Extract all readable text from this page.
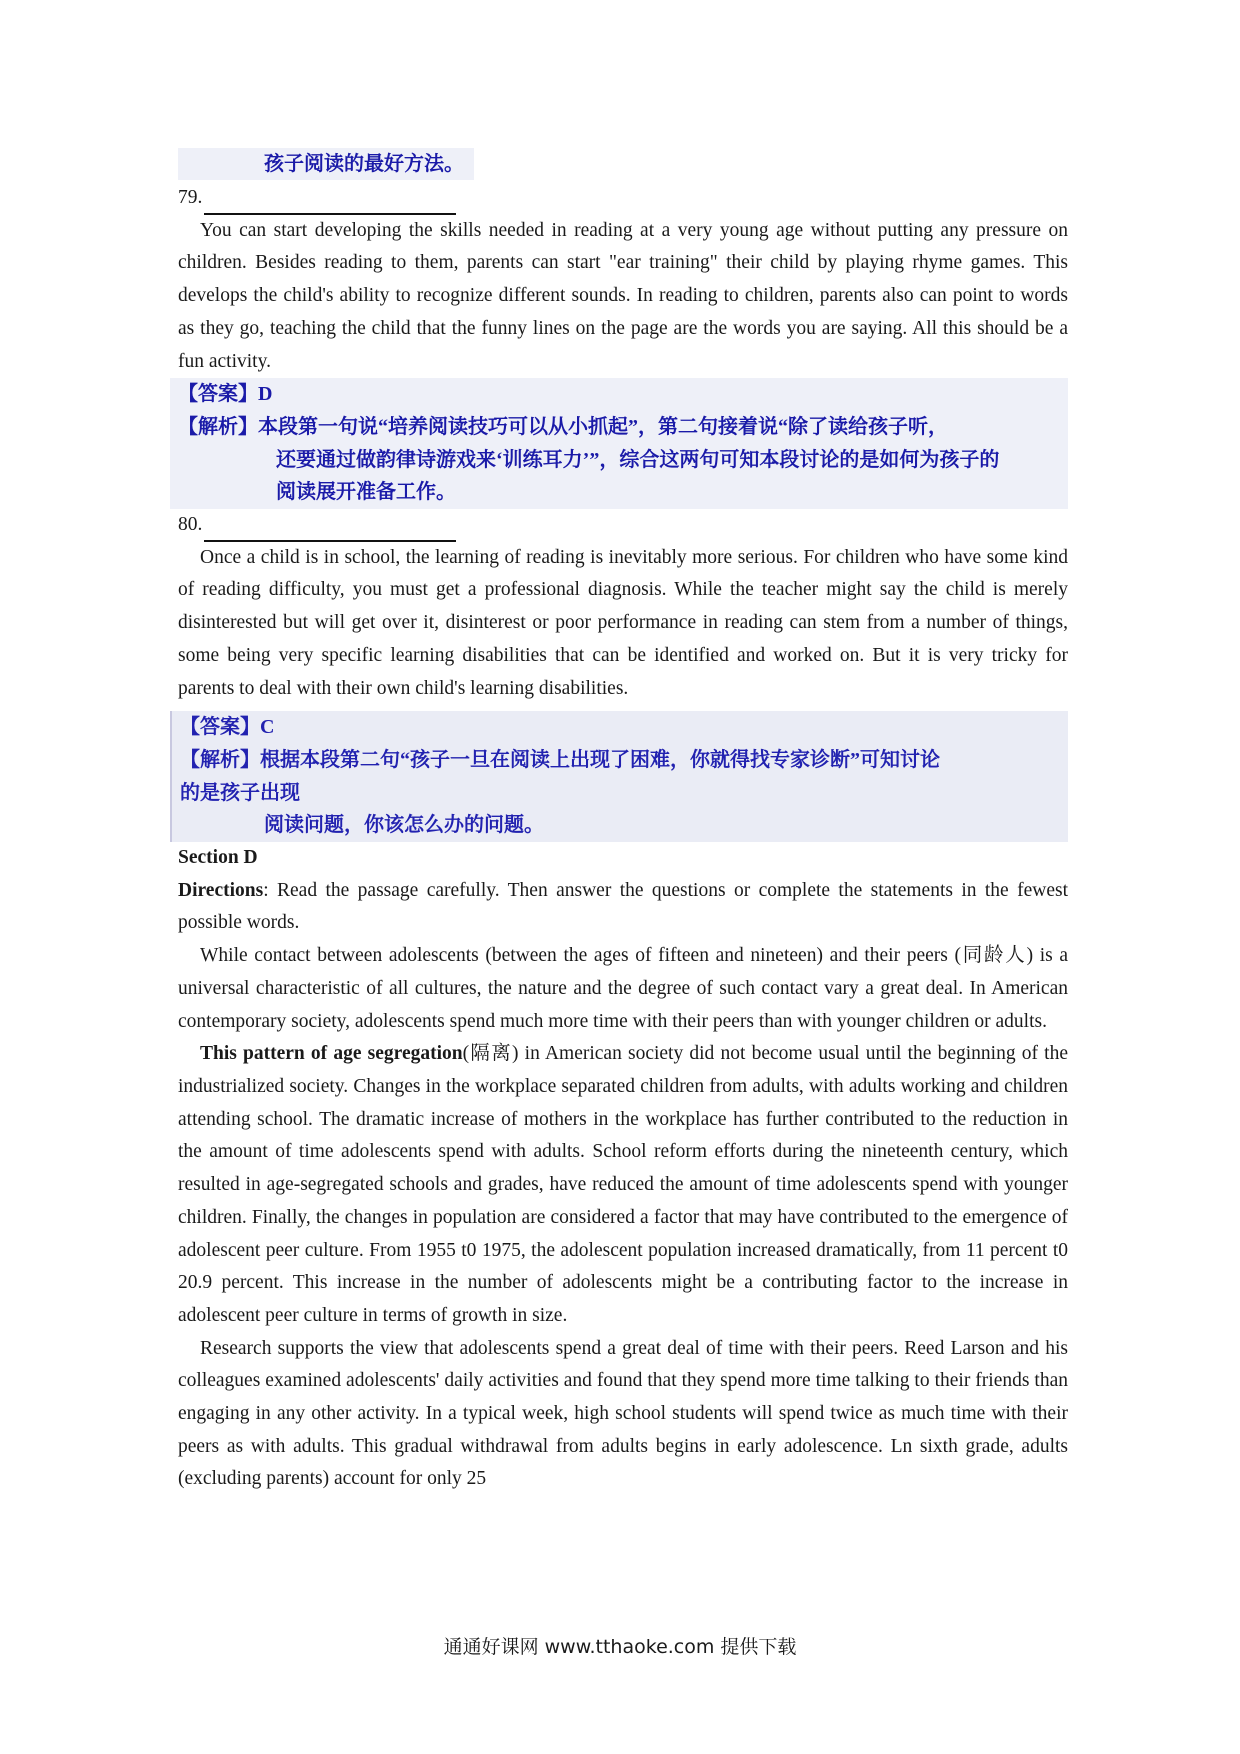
孩子阅读的最好方法。

79.

You can start developing the skills needed in reading at a very young age without putting any pressure on children. Besides reading to them, parents can start "ear training" their child by playing rhyme games. This develops the child's ability to recognize different sounds. In reading to children, parents also can point to words as they go, teaching the child that the funny lines on the page are the words you are saying. All this should be a fun activity.

【答案】D
【解析】本段第一句说“培养阅读技巧可以从小抓起”，第二句接着说“除了读给孩子听，
还要通过做韵律诗游戏来‘训练耳力’”，综合这两句可知本段讨论的是如何为孩子的
阅读展开准备工作。

80.

Once a child is in school, the learning of reading is inevitably more serious. For children who have some kind of reading difficulty, you must get a professional diagnosis. While the teacher might say the child is merely disinterested but will get over it, disinterest or poor performance in reading can stem from a number of things, some being very specific learning disabilities that can be identified and worked on. But it is very tricky for parents to deal with their own child's learning disabilities.

【答案】C
【解析】根据本段第二句“孩子一旦在阅读上出现了困难，你就得找专家诊断”可知讨论
的是孩子出现
阅读问题，你该怎么办的问题。

Section D

Directions: Read the passage carefully. Then answer the questions or complete the statements in the fewest possible words.

While contact between adolescents (between the ages of fifteen and nineteen) and their peers (同龄人) is a universal characteristic of all cultures, the nature and the degree of such contact vary a great deal. In American contemporary society, adolescents spend much more time with their peers than with younger children or adults.

This pattern of age segregation(隔离) in American society did not become usual until the beginning of the industrialized society. Changes in the workplace separated children from adults, with adults working and children attending school. The dramatic increase of mothers in the workplace has further contributed to the reduction in the amount of time adolescents spend with adults. School reform efforts during the nineteenth century, which resulted in age-segregated schools and grades, have reduced the amount of time adolescents spend with younger children. Finally, the changes in population are considered a factor that may have contributed to the emergence of adolescent peer culture. From 1955 t0 1975, the adolescent population increased dramatically, from 11 percent t0 20.9 percent. This increase in the number of adolescents might be a contributing factor to the increase in adolescent peer culture in terms of growth in size.

Research supports the view that adolescents spend a great deal of time with their peers. Reed Larson and his colleagues examined adolescents' daily activities and found that they spend more time talking to their friends than engaging in any other activity. In a typical week, high school students will spend twice as much time with their peers as with adults. This gradual withdrawal from adults begins in early adolescence. Ln sixth grade, adults (excluding parents) account for only 25

通通好课网 www.tthaoke.com 提供下载
